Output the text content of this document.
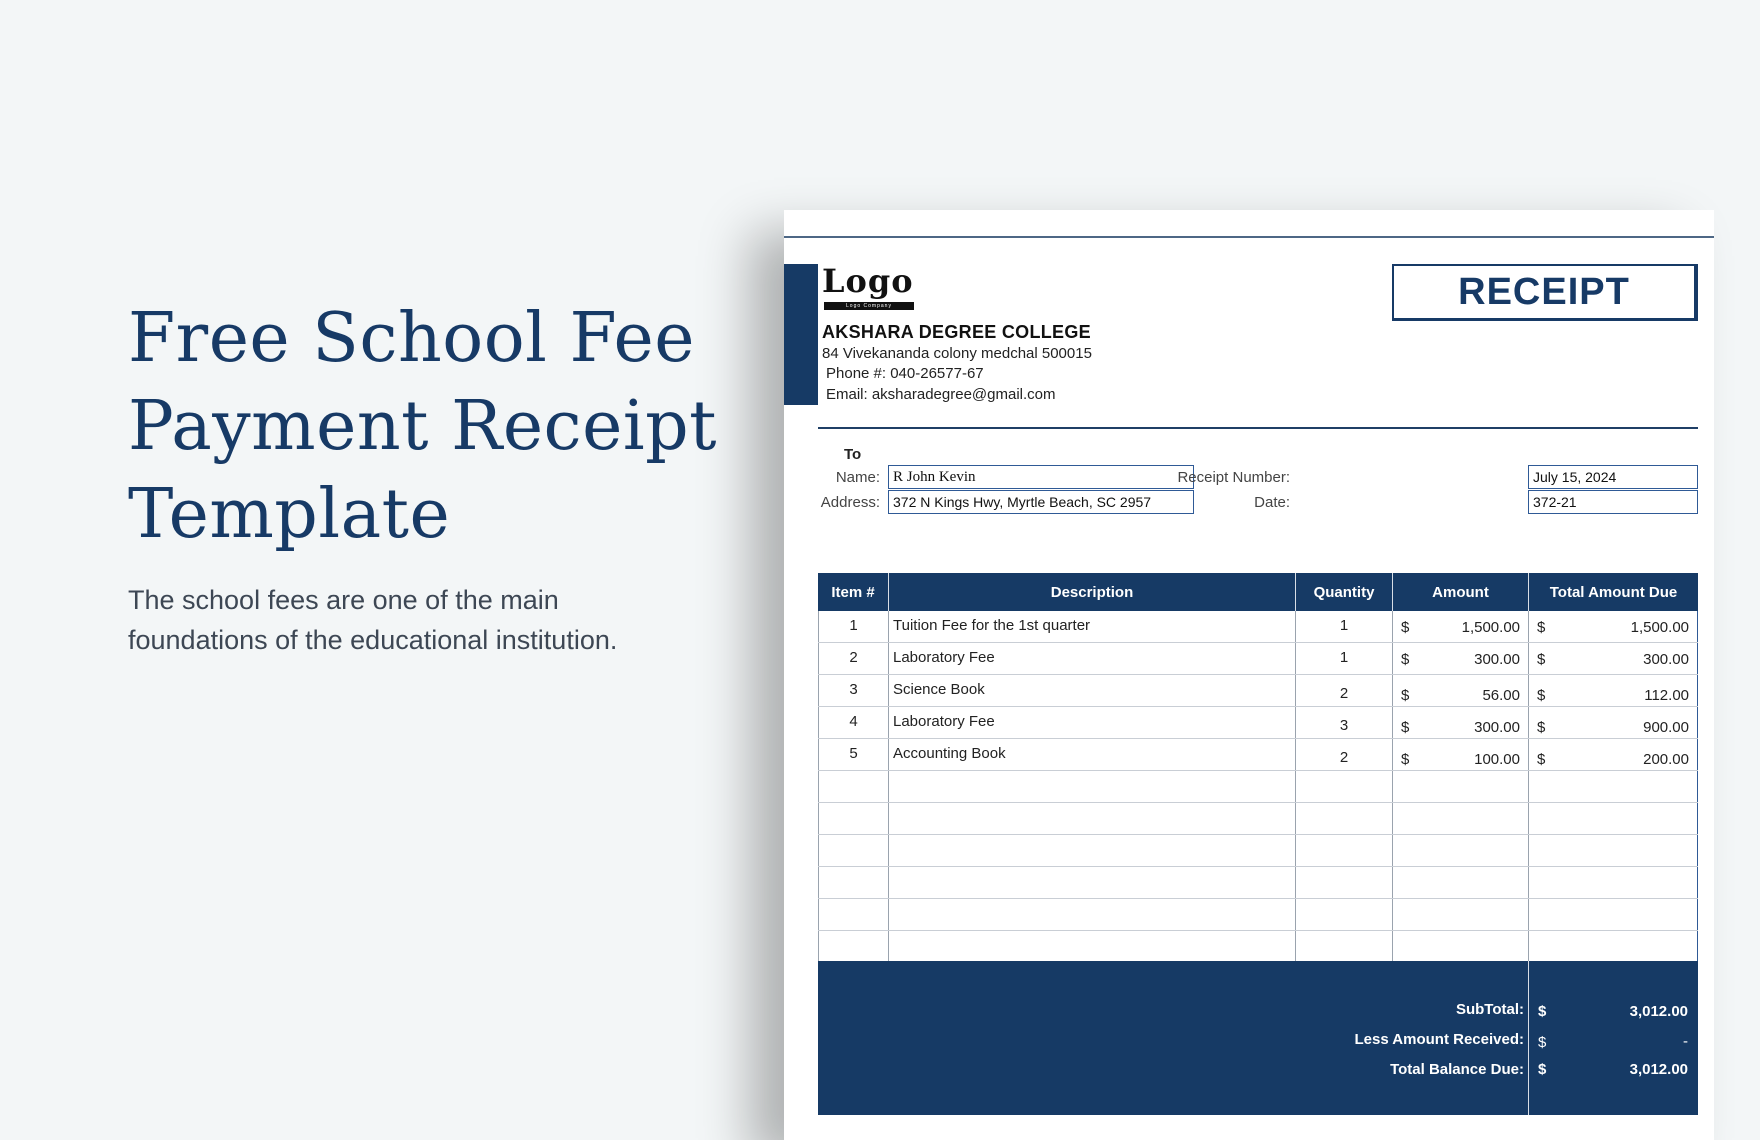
Free School Fee
Payment Receipt
Template

The school fees are one of the main
foundations of the educational institution.

Logo
Logo Company
AKSHARA DEGREE COLLEGE
84 Vivekananda colony medchal 500015
Phone #: 040-26577-67
Email: aksharadegree@gmail.com
RECEIPT
To
Name: R John Kevin
Address: 372 N Kings Hwy, Myrtle Beach, SC 2957
Receipt Number:	July 15, 2024
Date:	372-21
Item #	Description	Quantity	Amount	Total Amount Due
1	Tuition Fee for the 1st quarter	1	$	1,500.00 $	1,500.00
2	Laboratory Fee	1	$	300.00 $	300.00
3	Science Book	2	$	56.00 $	112.00
4	Laboratory Fee	3	$	300.00 $	900.00
5	Accounting Book	2	$	100.00 $	200.00
SubTotal: $	3,012.00
Less Amount Received: $	-
Total Balance Due: $	3,012.00
